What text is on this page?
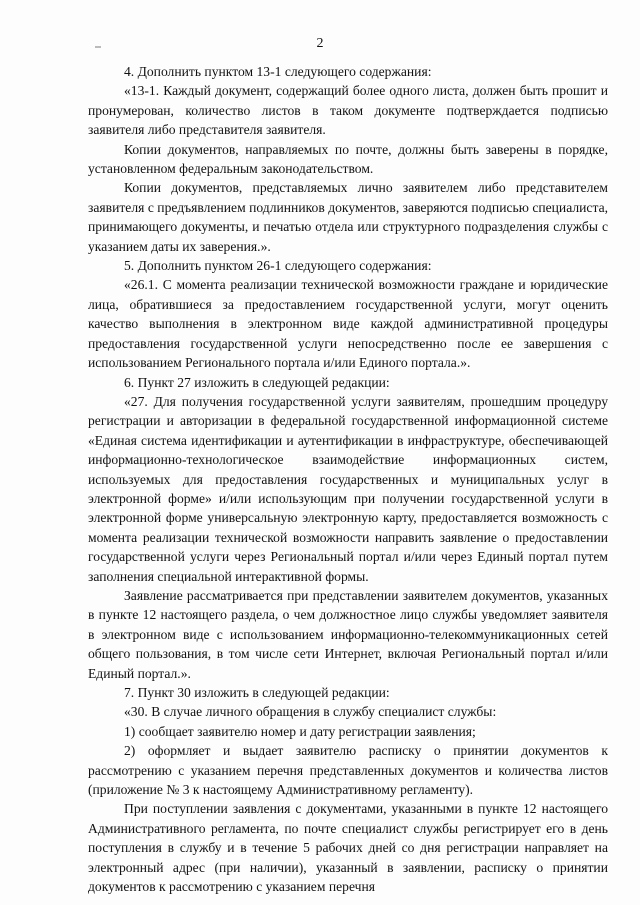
2

4. Дополнить пунктом 13-1 следующего содержания:

«13-1. Каждый документ, содержащий более одного листа, должен быть прошит и пронумерован, количество листов в таком документе подтверждается подписью заявителя либо представителя заявителя.

Копии документов, направляемых по почте, должны быть заверены в порядке, установленном федеральным законодательством.

Копии документов, представляемых лично заявителем либо представителем заявителя с предъявлением подлинников документов, заверяются подписью специалиста, принимающего документы, и печатью отдела или структурного подразделения службы с указанием даты их заверения.».

5. Дополнить пунктом 26-1 следующего содержания:

«26.1. С момента реализации технической возможности граждане и юридические лица, обратившиеся за предоставлением государственной услуги, могут оценить качество выполнения в электронном виде каждой административной процедуры предоставления государственной услуги непосредственно после ее завершения с использованием Регионального портала и/или Единого портала.».

6. Пункт 27 изложить в следующей редакции:

«27. Для получения государственной услуги заявителям, прошедшим процедуру регистрации и авторизации в федеральной государственной информационной системе «Единая система идентификации и аутентификации в инфраструктуре, обеспечивающей информационно-технологическое взаимодействие информационных систем, используемых для предоставления государственных и муниципальных услуг в электронной форме» и/или использующим при получении государственной услуги в электронной форме универсальную электронную карту, предоставляется возможность с момента реализации технической возможности направить заявление о предоставлении государственной услуги через Региональный портал и/или через Единый портал путем заполнения специальной интерактивной формы.

Заявление рассматривается при представлении заявителем документов, указанных в пункте 12 настоящего раздела, о чем должностное лицо службы уведомляет заявителя в электронном виде с использованием информационно-телекоммуникационных сетей общего пользования, в том числе сети Интернет, включая Региональный портал и/или Единый портал.».

7. Пункт 30 изложить в следующей редакции:

«30. В случае личного обращения в службу специалист службы:

1) сообщает заявителю номер и дату регистрации заявления;

2) оформляет и выдает заявителю расписку о принятии документов к рассмотрению с указанием перечня представленных документов и количества листов (приложение № 3 к настоящему Административному регламенту).

При поступлении заявления с документами, указанными в пункте 12 настоящего Административного регламента, по почте специалист службы регистрирует его в день поступления в службу и в течение 5 рабочих дней со дня регистрации направляет на электронный адрес (при наличии), указанный в заявлении, расписку о принятии документов к рассмотрению с указанием перечня
